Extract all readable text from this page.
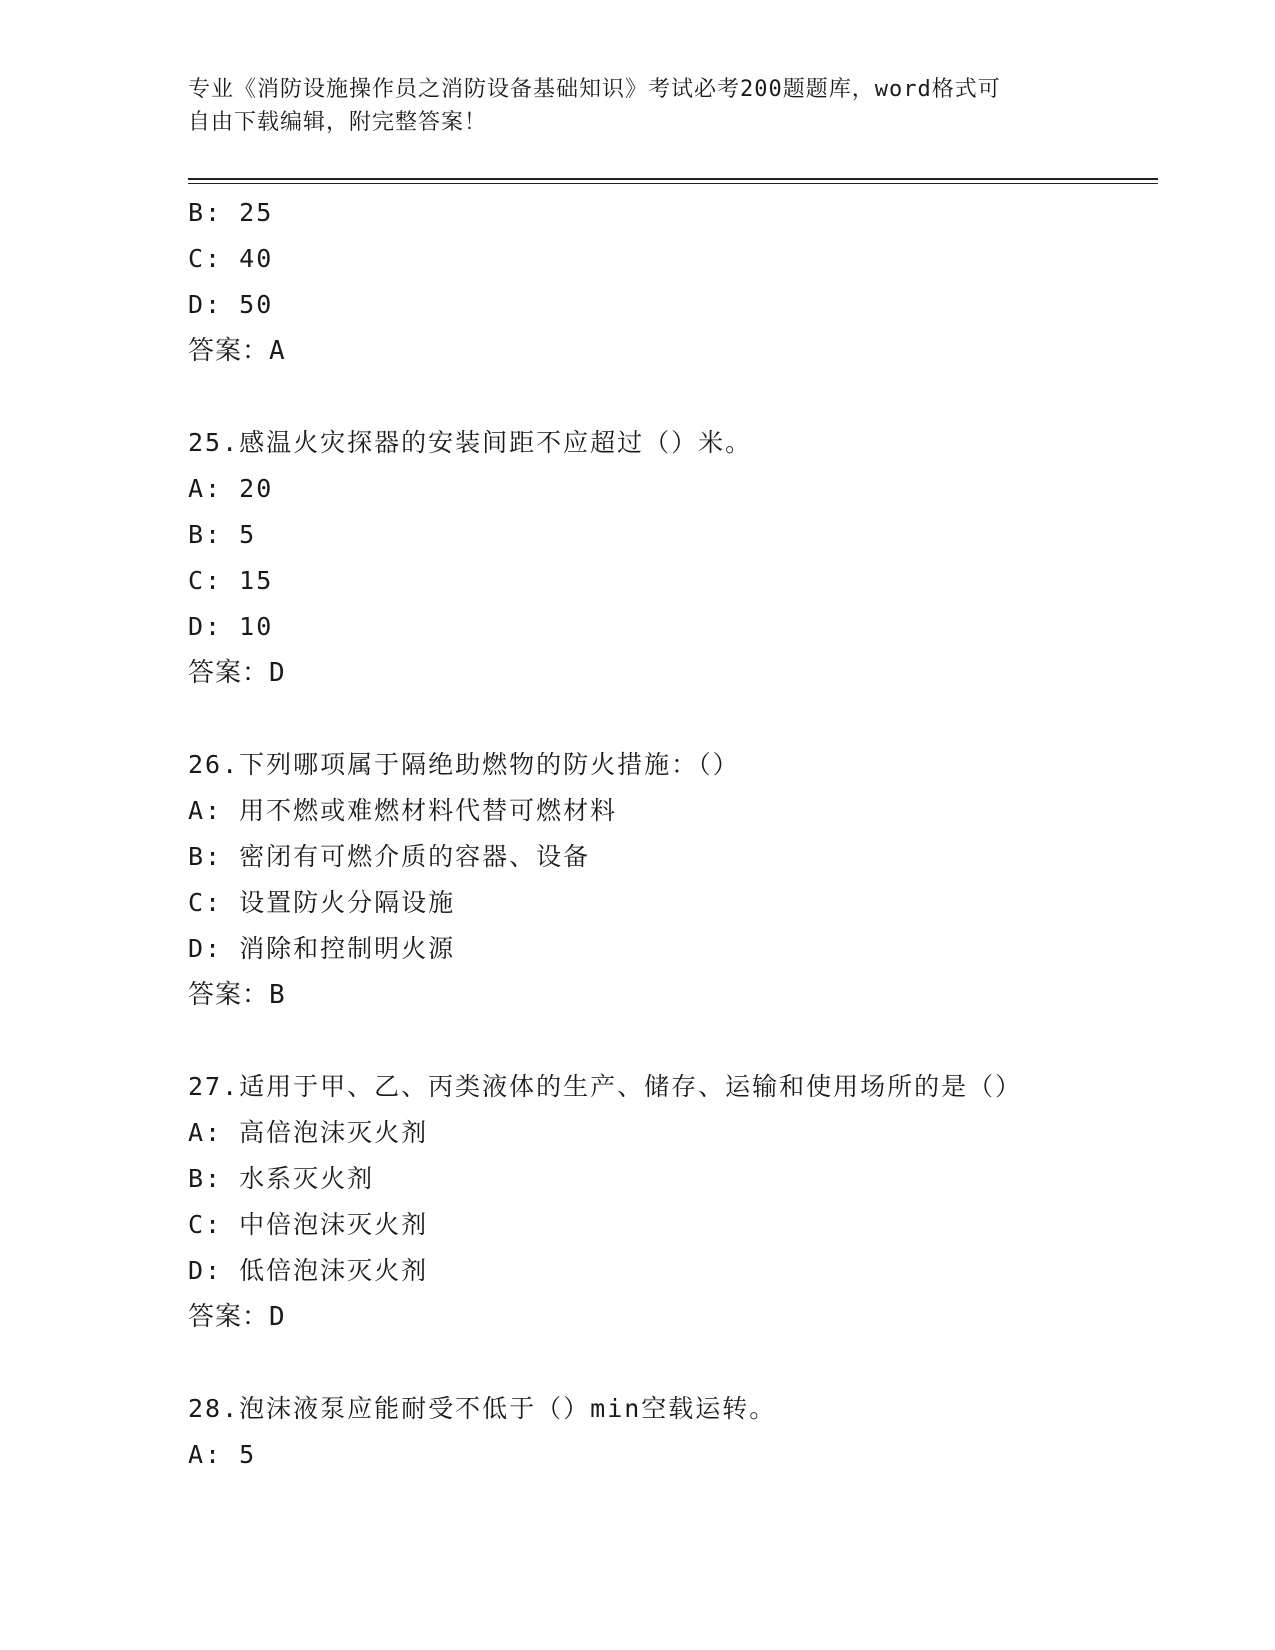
专业《消防设施操作员之消防设备基础知识》考试必考200题题库，word格式可
自由下载编辑，附完整答案！
B: 25
C: 40
D: 50
答案：A
25.感温火灾探器的安装间距不应超过（）米。
A: 20
B: 5
C: 15
D: 10
答案：D
26.下列哪项属于隔绝助燃物的防火措施：（）
A: 用不燃或难燃材料代替可燃材料
B: 密闭有可燃介质的容器、设备
C: 设置防火分隔设施
D: 消除和控制明火源
答案：B
27.适用于甲、乙、丙类液体的生产、储存、运输和使用场所的是（）
A: 高倍泡沫灭火剂
B: 水系灭火剂
C: 中倍泡沫灭火剂
D: 低倍泡沫灭火剂
答案：D
28.泡沫液泵应能耐受不低于（）min空载运转。
A: 5
